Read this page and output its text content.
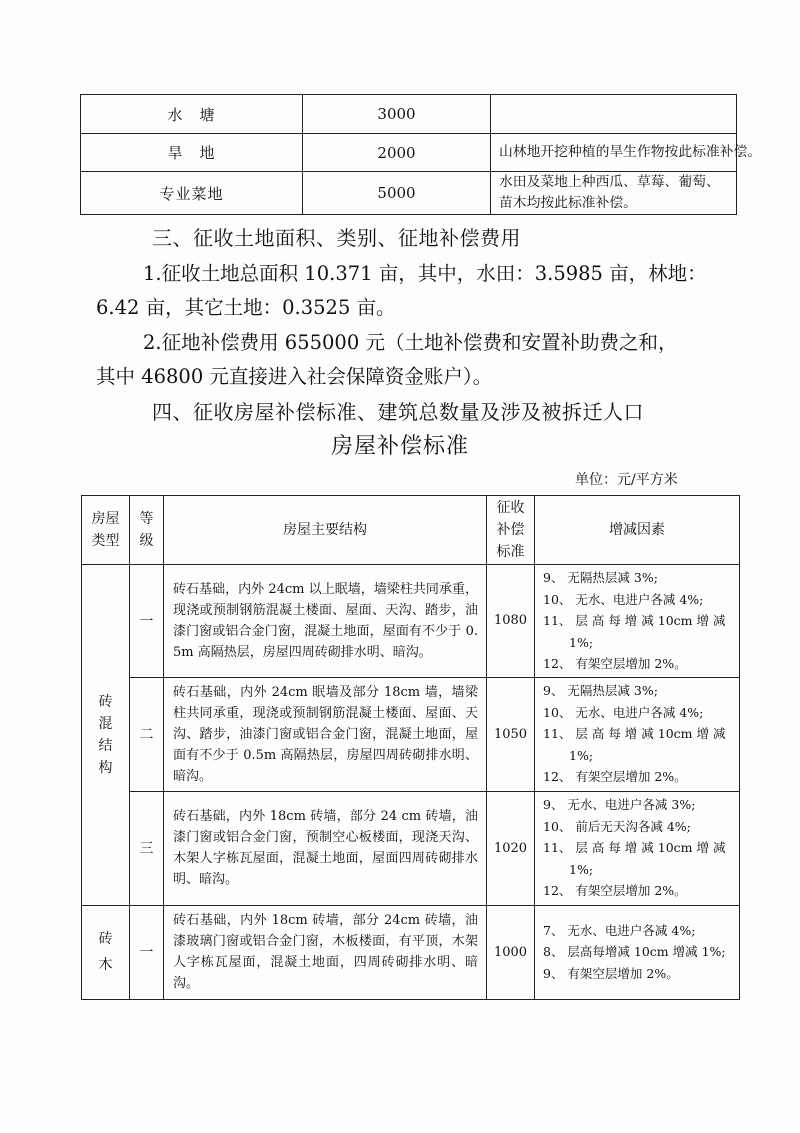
水　塘	3000	
旱　地	2000	山林地开挖种植的旱生作物按此标准补偿。
专业菜地	5000	水田及菜地上种西瓜、草莓、葡萄、苗木均按此标准补偿。
三、征收土地面积、类别、征地补偿费用
1.征收土地总面积 10.371 亩，其中，水田：3.5985 亩，林地：
6.42 亩，其它土地：0.3525 亩。
2.征地补偿费用 655000 元（土地补偿费和安置补助费之和，
其中 46800 元直接进入社会保障资金账户）。
四、征收房屋补偿标准、建筑总数量及涉及被拆迁人口
房屋补偿标准
单位：元/平方米
房屋类型	等级	房屋主要结构	征收补偿标准	增减因素
砖混结构	一	砖石基础，内外 24cm 以上眠墙，墙梁柱共同承重，现浇或预制钢筋混凝土楼面、屋面、天沟、踏步，油漆门窗或铝合金门窗，混凝土地面，屋面有不少于 0.5m 高隔热层，房屋四周砖砌排水明、暗沟。	1080	9、 无隔热层减 3%;
10、 无水、电进户各减 4%;
11、 层 高 每 增 减 10cm 增 减
1%;
12、 有架空层增加 2%。

	二	砖石基础，内外 24cm 眠墙及部分 18cm 墙，墙梁柱共同承重，现浇或预制钢筋混凝土楼面、屋面、天沟、踏步，油漆门窗或铝合金门窗，混凝土地面，屋面有不少于 0.5m 高隔热层，房屋四周砖砌排水明、暗沟。	1050	9、 无隔热层减 3%;
10、 无水、电进户各减 4%;
11、 层 高 每 增 减 10cm 增 减
1%;
12、 有架空层增加 2%。

	三	砖石基础，内外 18cm 砖墙，部分 24 cm 砖墙，油漆门窗或铝合金门窗，预制空心板楼面，现浇天沟、木架人字栋瓦屋面，混凝土地面，屋面四周砖砌排水明、暗沟。	1020	9、 无水、电进户各减 3%;
10、 前后无天沟各减 4%;
11、 层 高 每 增 减 10cm 增 减
1%;
12、 有架空层增加 2%。

砖木	一	砖石基础，内外 18cm 砖墙，部分 24cm 砖墙，油漆玻璃门窗或铝合金门窗，木板楼面，有平顶，木架人字栋瓦屋面，混凝土地面，四周砖砌排水明、暗沟。	1000	7、 无水、电进户各减 4%;
8、 层高每增减 10cm 增减 1%;
9、 有架空层增加 2%。
